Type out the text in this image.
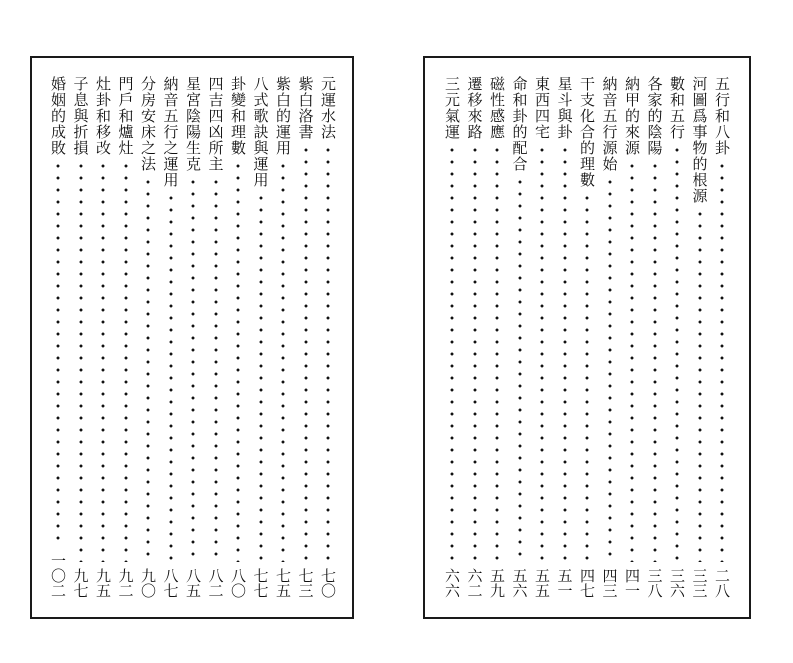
元運水法
七〇
紫白洛書
七三
紫白的運用
七五
八式歌訣與運用
七七
卦變和理數
八〇
四吉四凶所主
八二
星宮陰陽生克
八五
納音五行之運用
八七
分房安床之法
九〇
門戶和爐灶
九二
灶卦和移改
九五
子息與折損
九七
婚姻的成敗
一〇二
五行和八卦
二八
河圖爲事物的根源
三三
數和五行
三六
各家的陰陽
三八
納甲的來源
四一
納音五行源始
四三
干支化合的理數
四七
星斗與卦
五一
東西四宅
五五
命和卦的配合
五六
磁性感應
五九
遷移來路
六二
三元氣運
六六
